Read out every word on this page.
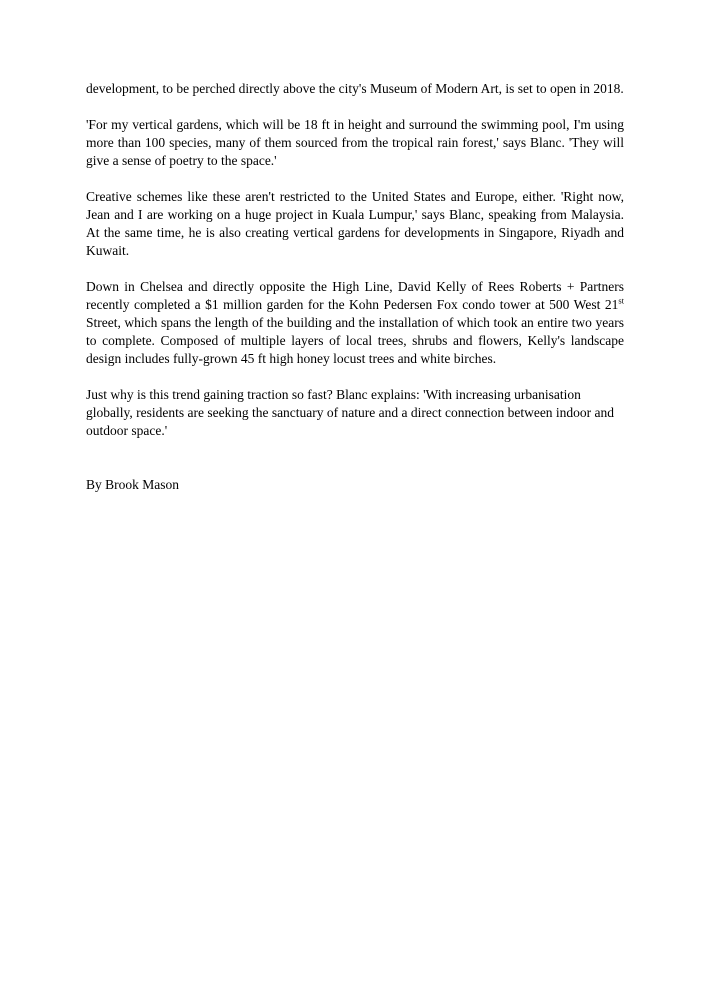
development, to be perched directly above the city's Museum of Modern Art, is set to open in 2018.

'For my vertical gardens, which will be 18 ft in height and surround the swimming pool, I'm using more than 100 species, many of them sourced from the tropical rain forest,' says Blanc. 'They will give a sense of poetry to the space.'

Creative schemes like these aren't restricted to the United States and Europe, either. 'Right now, Jean and I are working on a huge project in Kuala Lumpur,' says Blanc, speaking from Malaysia. At the same time, he is also creating vertical gardens for developments in Singapore, Riyadh and Kuwait.

Down in Chelsea and directly opposite the High Line, David Kelly of Rees Roberts + Partners recently completed a $1 million garden for the Kohn Pedersen Fox condo tower at 500 West 21st Street, which spans the length of the building and the installation of which took an entire two years to complete. Composed of multiple layers of local trees, shrubs and flowers, Kelly's landscape design includes fully-grown 45 ft high honey locust trees and white birches.

Just why is this trend gaining traction so fast? Blanc explains: 'With increasing urbanisation globally, residents are seeking the sanctuary of nature and a direct connection between indoor and outdoor space.'

By Brook Mason
